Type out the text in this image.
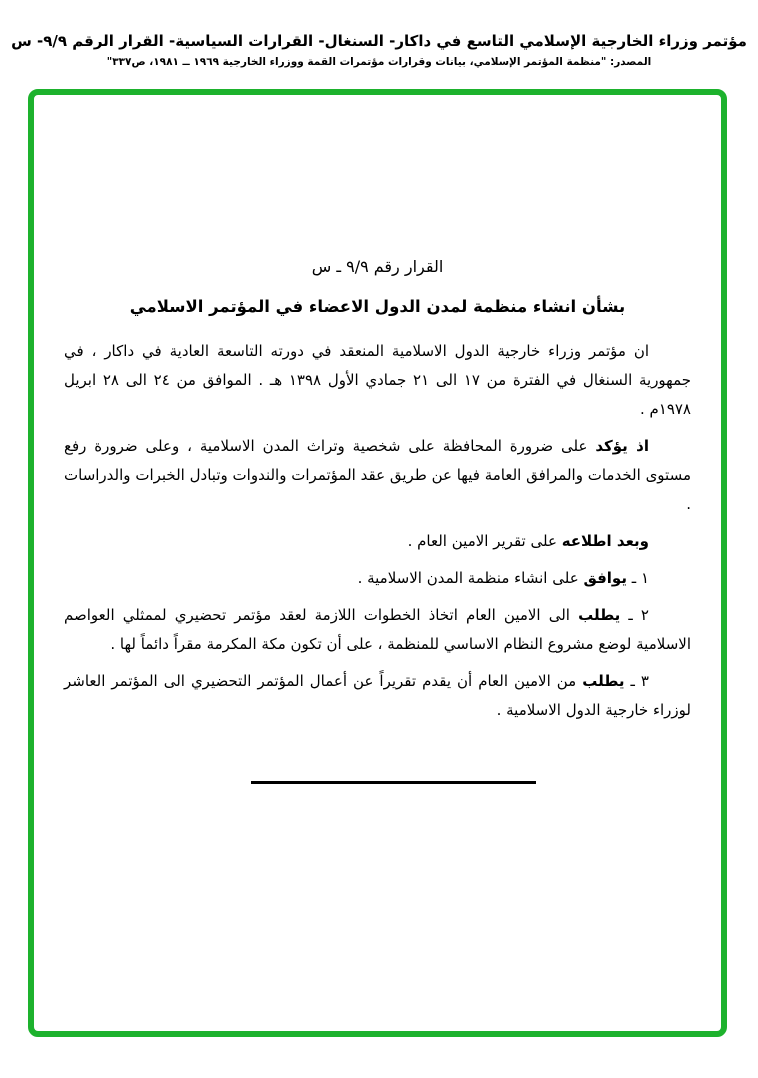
مؤتمر وزراء الخارجية الإسلامي التاسع في داكار- السنغال- القرارات السياسية- القرار الرقم ٩/٩- س
المصدر: "منظمة المؤتمر الإسلامي، بيانات وقرارات مؤتمرات القمة ووزراء الخارجية ١٩٦٩ ــ ١٩٨١، ص٣٣٧"
القرار رقم ٩/٩ ـ س
بشأن انشاء منظمة لمدن الدول الاعضاء في المؤتمر الاسلامي

ان مؤتمر وزراء خارجية الدول الاسلامية المنعقد في دورته التاسعة العادية في داكار ، في جمهورية السنغال في الفترة من ١٧ الى ٢١ جمادي الأول ١٣٩٨ هـ . الموافق من ٢٤ الى ٢٨ ابريل ١٩٧٨م .

اذ يؤكد على ضرورة المحافظة على شخصية وتراث المدن الاسلامية ، وعلى ضرورة رفع مستوى الخدمات والمرافق العامة فيها عن طريق عقد المؤتمرات والندوات وتبادل الخبرات والدراسات .

وبعد اطلاعه على تقرير الامين العام .

١ ـ يوافق على انشاء منظمة المدن الاسلامية .

٢ ـ يطلب الى الامين العام اتخاذ الخطوات اللازمة لعقد مؤتمر تحضيري لممثلي العواصم الاسلامية لوضع مشروع النظام الاساسي للمنظمة ، على أن تكون مكة المكرمة مقراً دائماً لها .

٣ ـ يطلب من الامين العام أن يقدم تقريراً عن أعمال المؤتمر التحضيري الى المؤتمر العاشر لوزراء خارجية الدول الاسلامية .
